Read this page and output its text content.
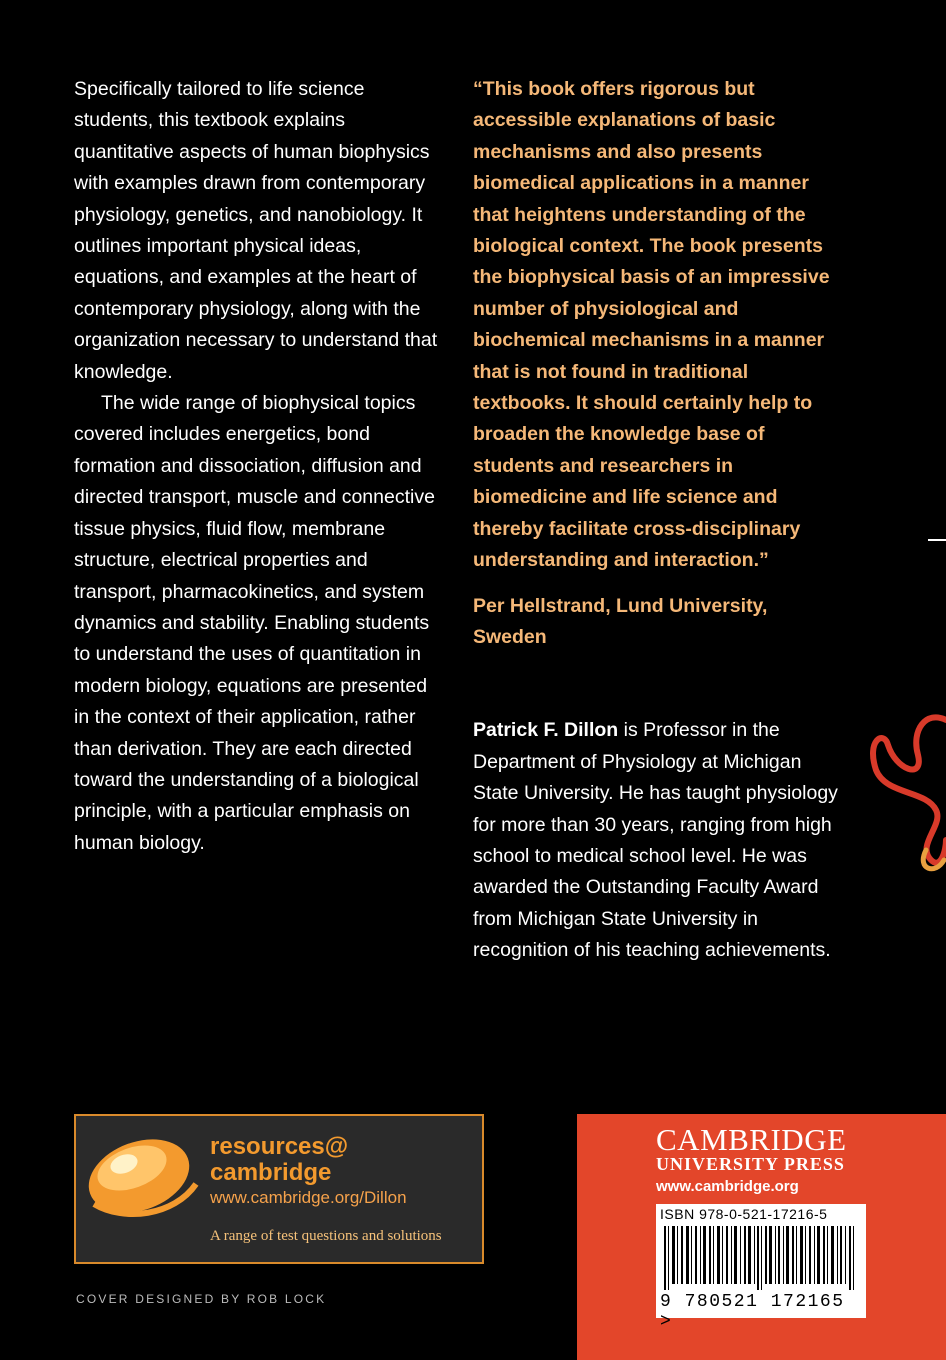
Specifically tailored to life science students, this textbook explains quantitative aspects of human biophysics with examples drawn from contemporary physiology, genetics, and nanobiology. It outlines important physical ideas, equations, and examples at the heart of contemporary physiology, along with the organization necessary to understand that knowledge.

The wide range of biophysical topics covered includes energetics, bond formation and dissociation, diffusion and directed transport, muscle and connective tissue physics, fluid flow, membrane structure, electrical properties and transport, pharmacokinetics, and system dynamics and stability. Enabling students to understand the uses of quantitation in modern biology, equations are presented in the context of their application, rather than derivation. They are each directed toward the understanding of a biological principle, with a particular emphasis on human biology.

“This book offers rigorous but accessible explanations of basic mechanisms and also presents biomedical applications in a manner that heightens understanding of the biological context. The book presents the biophysical basis of an impressive number of physiological and biochemical mechanisms in a manner that is not found in traditional textbooks. It should certainly help to broaden the knowledge base of students and researchers in biomedicine and life science and thereby facilitate cross-disciplinary understanding and interaction.”

Per Hellstrand, Lund University, Sweden

Patrick F. Dillon is Professor in the Department of Physiology at Michigan State University. He has taught physiology for more than 30 years, ranging from high school to medical school level. He was awarded the Outstanding Faculty Award from Michigan State University in recognition of his teaching achievements.

resources@
cambridge
www.cambridge.org/Dillon
A range of test questions and solutions
COVER DESIGNED BY ROB LOCK
CAMBRIDGE
UNIVERSITY PRESS
www.cambridge.org
ISBN 978-0-521-17216-5
9 780521 172165 >
